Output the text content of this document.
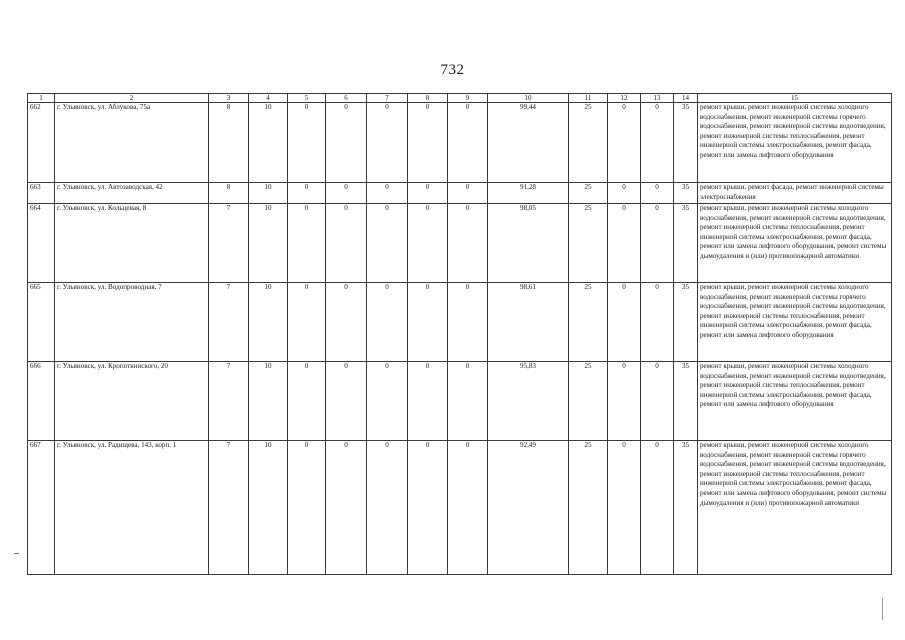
732
1	2	3	4	5	6	7	8	9	10	11	12	13	14	15
662	г. Ульяновск, ул. Аблукова, 75а	8	10	0	0	0	0	0	99,44	25	0	0	35	ремонт крыши, ремонт инженерной системы холодного водоснабжения, ремонт инженерной системы горячего водоснабжения, ремонт инженерной системы водоотведения, ремонт инженерной системы теплоснабжения, ремонт инженерной системы электроснабжения, ремонт фасада, ремонт или замена лифтового оборудования
663	г. Ульяновск, ул. Автозаводская, 42	8	10	0	0	0	0	0	91,28	25	0	0	35	ремонт крыши, ремонт фасада, ремонт инженерной системы электроснабжения
664	г. Ульяновск, ул. Кольцевая, 8	7	10	0	0	0	0	0	98,05	25	0	0	35	ремонт крыши, ремонт инженерной системы холодного водоснабжения, ремонт инженерной системы водоотведения, ремонт инженерной системы теплоснабжения, ремонт инженерной системы электроснабжения, ремонт фасада, ремонт или замена лифтового оборудования, ремонт системы дымоудаления и (или) противопожарной автоматики
665	г. Ульяновск, ул. Водопроводная, 7	7	10	0	0	0	0	0	98,61	25	0	0	35	ремонт крыши, ремонт инженерной системы холодного водоснабжения, ремонт инженерной системы горячего водоснабжения, ремонт инженерной системы водоотведения, ремонт инженерной системы теплоснабжения, ремонт инженерной системы электроснабжения, ремонт фасада, ремонт или замена лифтового оборудования
666	г. Ульяновск, ул. Кропоткинского, 20	7	10	0	0	0	0	0	95,83	25	0	0	35	ремонт крыши, ремонт инженерной системы холодного водоснабжения, ремонт инженерной системы водоотведения, ремонт инженерной системы теплоснабжения, ремонт инженерной системы электроснабжения, ремонт фасада, ремонт или замена лифтового оборудования
667	г. Ульяновск, ул. Радищева, 143, корп. 1	7	10	0	0	0	0	0	92,49	25	0	0	35	ремонт крыши, ремонт инженерной системы холодного водоснабжения, ремонт инженерной системы горячего водоснабжения, ремонт инженерной системы водоотведения, ремонт инженерной системы теплоснабжения, ремонт инженерной системы электроснабжения, ремонт фасада, ремонт или замена лифтового оборудования, ремонт системы дымоудаления и (или) противопожарной автоматики
